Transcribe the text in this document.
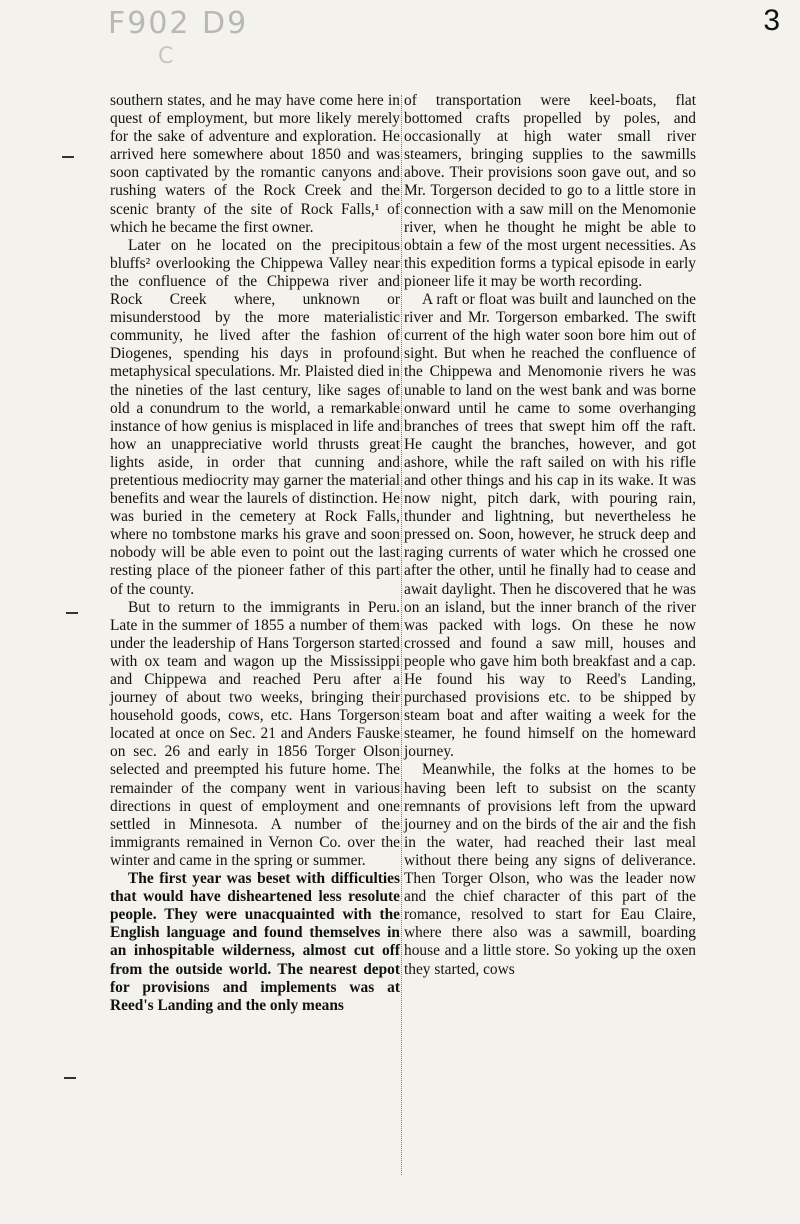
F902 D9
C
3

southern states, and he may have come here in quest of employment, but more likely merely for the sake of adventure and exploration. He arrived here somewhere about 1850 and was soon captivated by the romantic canyons and rushing waters of the Rock Creek and the scenic branty of the site of Rock Falls,¹ of which he became the first owner.

Later on he located on the precipitous bluffs² overlooking the Chippewa Valley near the confluence of the Chippewa river and Rock Creek where, unknown or misunderstood by the more materialistic community, he lived after the fashion of Diogenes, spending his days in profound metaphysical speculations. Mr. Plaisted died in the nineties of the last century, like sages of old a conundrum to the world, a remarkable instance of how genius is misplaced in life and how an unappreciative world thrusts great lights aside, in order that cunning and pretentious mediocrity may garner the material benefits and wear the laurels of distinction. He was buried in the cemetery at Rock Falls, where no tombstone marks his grave and soon nobody will be able even to point out the last resting place of the pioneer father of this part of the county.

But to return to the immigrants in Peru. Late in the summer of 1855 a number of them under the leadership of Hans Torgerson started with ox team and wagon up the Mississippi and Chippewa and reached Peru after a journey of about two weeks, bringing their household goods, cows, etc. Hans Torgerson located at once on Sec. 21 and Anders Fauske on sec. 26 and early in 1856 Torger Olson selected and preempted his future home. The remainder of the company went in various directions in quest of employment and one settled in Minnesota. A number of the immigrants remained in Vernon Co. over the winter and came in the spring or summer.

The first year was beset with difficulties that would have disheartened less resolute people. They were unacquainted with the English language and found themselves in an inhospitable wilderness, almost cut off from the outside world. The nearest depot for provisions and implements was at Reed's Landing and the only means

of transportation were keel-boats, flat bottomed crafts propelled by poles, and occasionally at high water small river steamers, bringing supplies to the sawmills above. Their provisions soon gave out, and so Mr. Torgerson decided to go to a little store in connection with a saw mill on the Menomonie river, when he thought he might be able to obtain a few of the most urgent necessities. As this expedition forms a typical episode in early pioneer life it may be worth recording.

A raft or float was built and launched on the river and Mr. Torgerson embarked. The swift current of the high water soon bore him out of sight. But when he reached the confluence of the Chippewa and Menomonie rivers he was unable to land on the west bank and was borne onward until he came to some overhanging branches of trees that swept him off the raft. He caught the branches, however, and got ashore, while the raft sailed on with his rifle and other things and his cap in its wake. It was now night, pitch dark, with pouring rain, thunder and lightning, but nevertheless he pressed on. Soon, however, he struck deep and raging currents of water which he crossed one after the other, until he finally had to cease and await daylight. Then he discovered that he was on an island, but the inner branch of the river was packed with logs. On these he now crossed and found a saw mill, houses and people who gave him both breakfast and a cap. He found his way to Reed's Landing, purchased provisions etc. to be shipped by steam boat and after waiting a week for the steamer, he found himself on the homeward journey.

Meanwhile, the folks at the homes to be having been left to subsist on the scanty remnants of provisions left from the upward journey and on the birds of the air and the fish in the water, had reached their last meal without there being any signs of deliverance. Then Torger Olson, who was the leader now and the chief character of this part of the romance, resolved to start for Eau Claire, where there also was a sawmill, boarding house and a little store. So yoking up the oxen they started, cows
